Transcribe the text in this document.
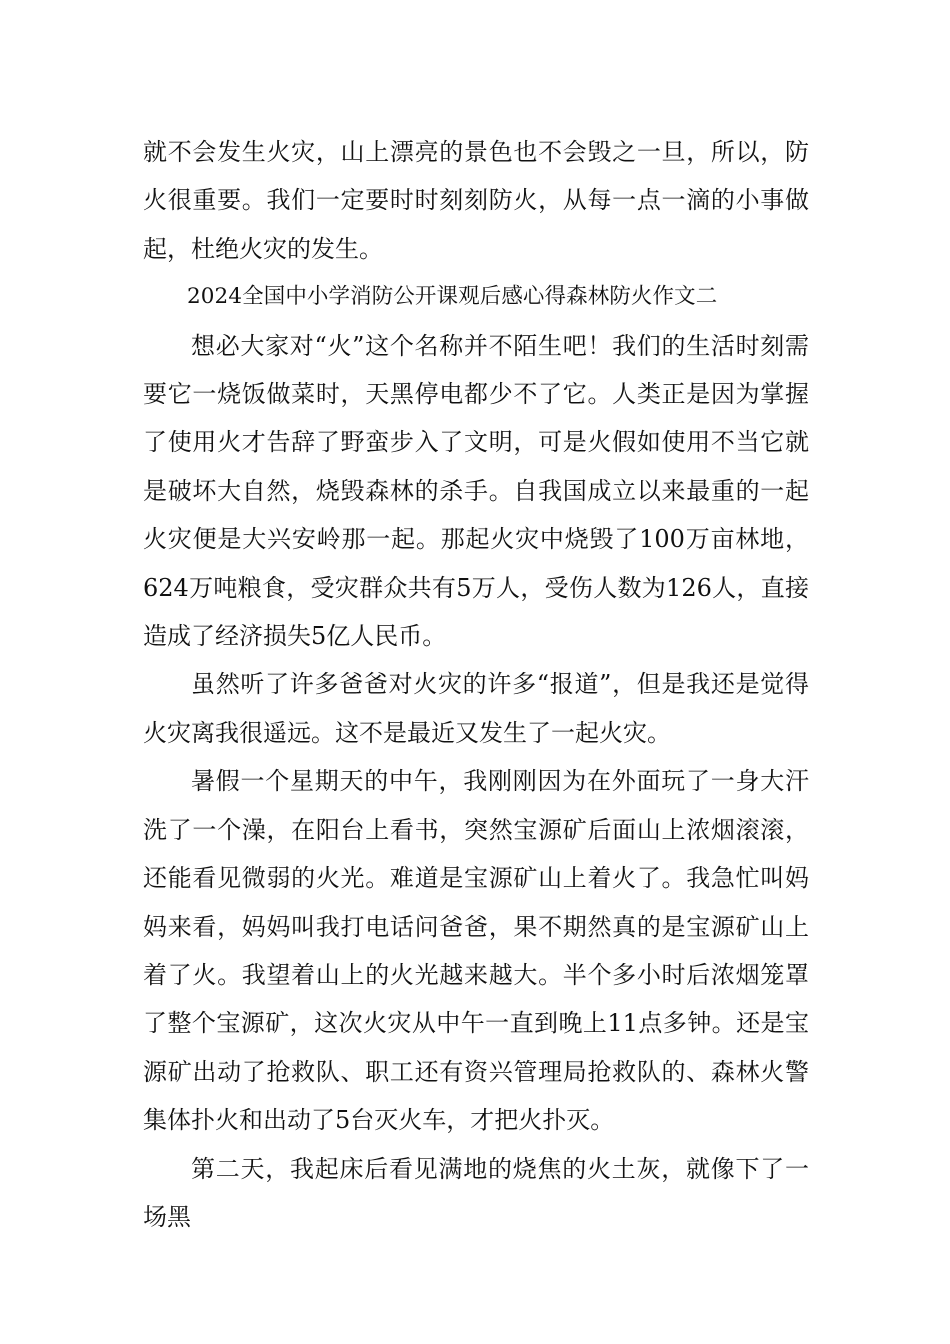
就不会发生火灾，山上漂亮的景色也不会毁之一旦，所以，防火很重要。我们一定要时时刻刻防火，从每一点一滴的小事做起，杜绝火灾的发生。

2024全国中小学消防公开课观后感心得森林防火作文二

想必大家对“火”这个名称并不陌生吧！我们的生活时刻需要它一烧饭做菜时，天黑停电都少不了它。人类正是因为掌握了使用火才告辞了野蛮步入了文明，可是火假如使用不当它就是破坏大自然，烧毁森林的杀手。自我国成立以来最重的一起火灾便是大兴安岭那一起。那起火灾中烧毁了100万亩林地，624万吨粮食，受灾群众共有5万人，受伤人数为126人，直接造成了经济损失5亿人民币。

虽然听了许多爸爸对火灾的许多“报道”，但是我还是觉得火灾离我很遥远。这不是最近又发生了一起火灾。

暑假一个星期天的中午，我刚刚因为在外面玩了一身大汗洗了一个澡，在阳台上看书，突然宝源矿后面山上浓烟滚滚，还能看见微弱的火光。难道是宝源矿山上着火了。我急忙叫妈妈来看，妈妈叫我打电话问爸爸，果不期然真的是宝源矿山上着了火。我望着山上的火光越来越大。半个多小时后浓烟笼罩了整个宝源矿，这次火灾从中午一直到晚上11点多钟。还是宝源矿出动了抢救队、职工还有资兴管理局抢救队的、森林火警集体扑火和出动了5台灭火车，才把火扑灭。

第二天，我起床后看见满地的烧焦的火土灰，就像下了一场黑
